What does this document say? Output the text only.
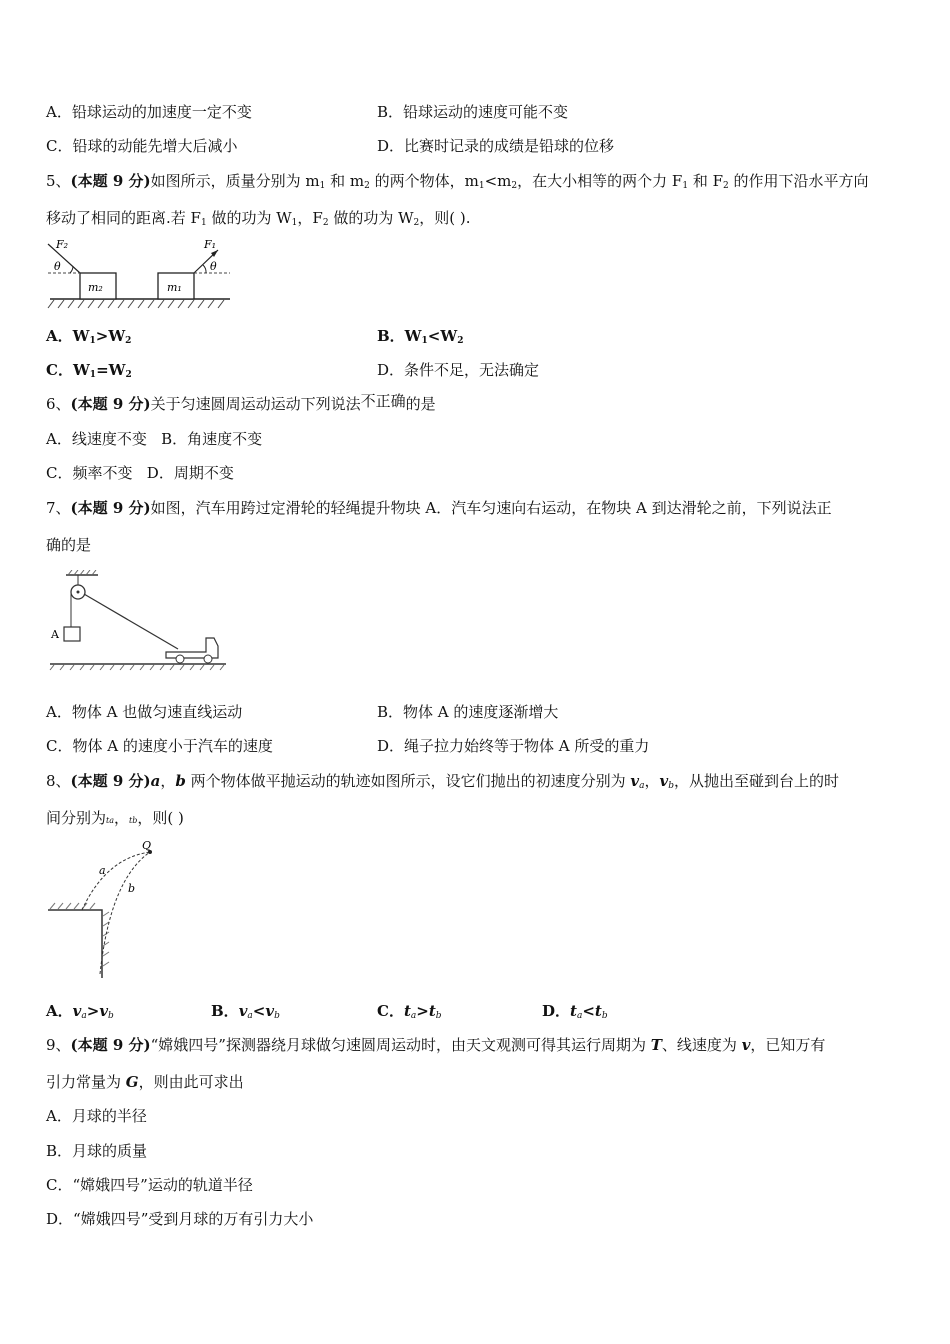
A．铅球运动的加速度一定不变	B．铅球运动的速度可能不变
C．铅球的动能先增大后减小	D．比赛时记录的成绩是铅球的位移
5、(本题 9 分)如图所示，质量分别为 $m_1$ 和 $m_2$ 的两个物体，$m_1<m_2$，在大小相等的两个力 $F_1$ 和 $F_2$ 的作用下沿水平方向
移动了相同的距离.若 $F_1$ 做的功为 $W_1$，$F_2$ 做的功为 $W_2$，则( ).
F₂	F₁
θ	θ
m₂	m₁
A．$W_1>W_2$	B．$W_1<W_2$
C．$W_1=W_2$	D．条件不足，无法确定
6、(本题 9 分)关于匀速圆周运动运动下列说法不正确的是
A．线速度不变 B．角速度不变
C．频率不变 D．周期不变
7、(本题 9 分)如图，汽车用跨过定滑轮的轻绳提升物块 A．汽车匀速向右运动，在物块 A 到达滑轮之前，下列说法正
确的是
A
A．物体 A 也做匀速直线运动	B．物体 A 的速度逐渐增大
C．物体 A 的速度小于汽车的速度	D．绳子拉力始终等于物体 A 所受的重力
8、(本题 9 分)a，b 两个物体做平抛运动的轨迹如图所示，设它们抛出的初速度分别为 $v_a$，$v_b$，从抛出至碰到台上的时
间分别为ta，tb，则( )
Q
a
b
A．$v_a>v_b$	B．$v_a<v_b$	C．$t_a>t_b$	D．$t_a<t_b$
9、(本题 9 分)“嫦娥四号”探测器绕月球做匀速圆周运动时，由天文观测可得其运行周期为 T、线速度为 v，已知万有
引力常量为 G，则由此可求出
A．月球的半径
B．月球的质量
C．“嫦娥四号”运动的轨道半径
D．“嫦娥四号”受到月球的万有引力大小
